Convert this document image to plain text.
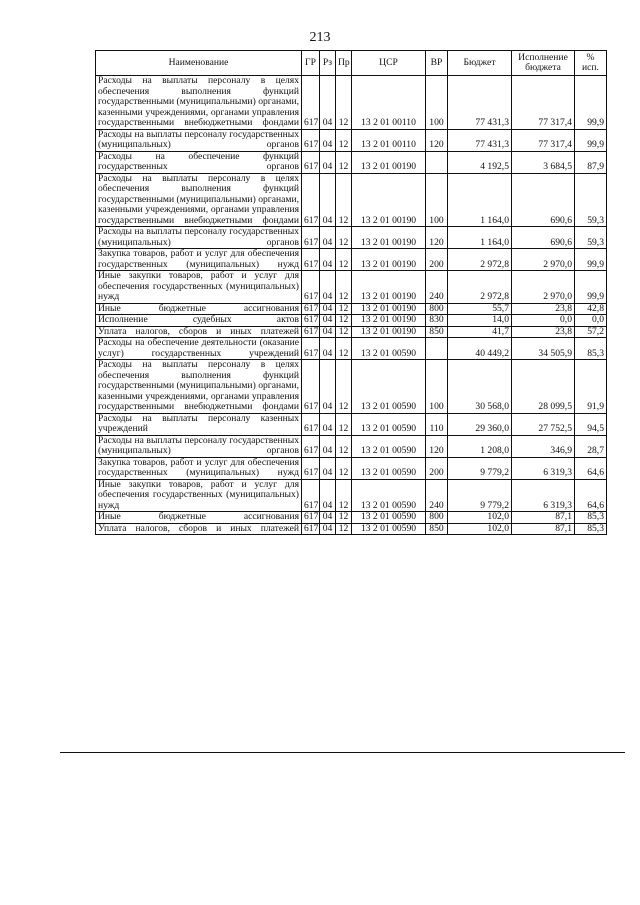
213
Наименование	ГР	Рз	Пр	ЦСР	ВР	Бюджет	Исполнение бюджета	% исп.
Расходы на выплаты персоналу в целях обеспечения выполнения функций государственными (муниципальными) органами, казенными учреждениями, органами управления государственными внебюджетными фондами	617	04	12	13 2 01 00110	100	77 431,3	77 317,4	99,9
Расходы на выплаты персоналу государственных (муниципальных) органов	617	04	12	13 2 01 00110	120	77 431,3	77 317,4	99,9
Расходы на обеспечение функций государственных органов	617	04	12	13 2 01 00190		4 192,5	3 684,5	87,9
Расходы на выплаты персоналу в целях обеспечения выполнения функций государственными (муниципальными) органами, казенными учреждениями, органами управления государственными внебюджетными фондами	617	04	12	13 2 01 00190	100	1 164,0	690,6	59,3
Расходы на выплаты персоналу государственных (муниципальных) органов	617	04	12	13 2 01 00190	120	1 164,0	690,6	59,3
Закупка товаров, работ и услуг для обеспечения государственных (муниципальных) нужд	617	04	12	13 2 01 00190	200	2 972,8	2 970,0	99,9
Иные закупки товаров, работ и услуг для обеспечения государственных (муниципальных) нужд	617	04	12	13 2 01 00190	240	2 972,8	2 970,0	99,9
Иные бюджетные ассигнования	617	04	12	13 2 01 00190	800	55,7	23,8	42,8
Исполнение судебных актов	617	04	12	13 2 01 00190	830	14,0	0,0	0,0
Уплата налогов, сборов и иных платежей	617	04	12	13 2 01 00190	850	41,7	23,8	57,2
Расходы на обеспечение деятельности (оказание услуг) государственных учреждений	617	04	12	13 2 01 00590		40 449,2	34 505,9	85,3
Расходы на выплаты персоналу в целях обеспечения выполнения функций государственными (муниципальными) органами, казенными учреждениями, органами управления государственными внебюджетными фондами	617	04	12	13 2 01 00590	100	30 568,0	28 099,5	91,9
Расходы на выплаты персоналу казенных учреждений	617	04	12	13 2 01 00590	110	29 360,0	27 752,5	94,5
Расходы на выплаты персоналу государственных (муниципальных) органов	617	04	12	13 2 01 00590	120	1 208,0	346,9	28,7
Закупка товаров, работ и услуг для обеспечения государственных (муниципальных) нужд	617	04	12	13 2 01 00590	200	9 779,2	6 319,3	64,6
Иные закупки товаров, работ и услуг для обеспечения государственных (муниципальных) нужд	617	04	12	13 2 01 00590	240	9 779,2	6 319,3	64,6
Иные бюджетные ассигнования	617	04	12	13 2 01 00590	800	102,0	87,1	85,3
Уплата налогов, сборов и иных платежей	617	04	12	13 2 01 00590	850	102,0	87,1	85,3
